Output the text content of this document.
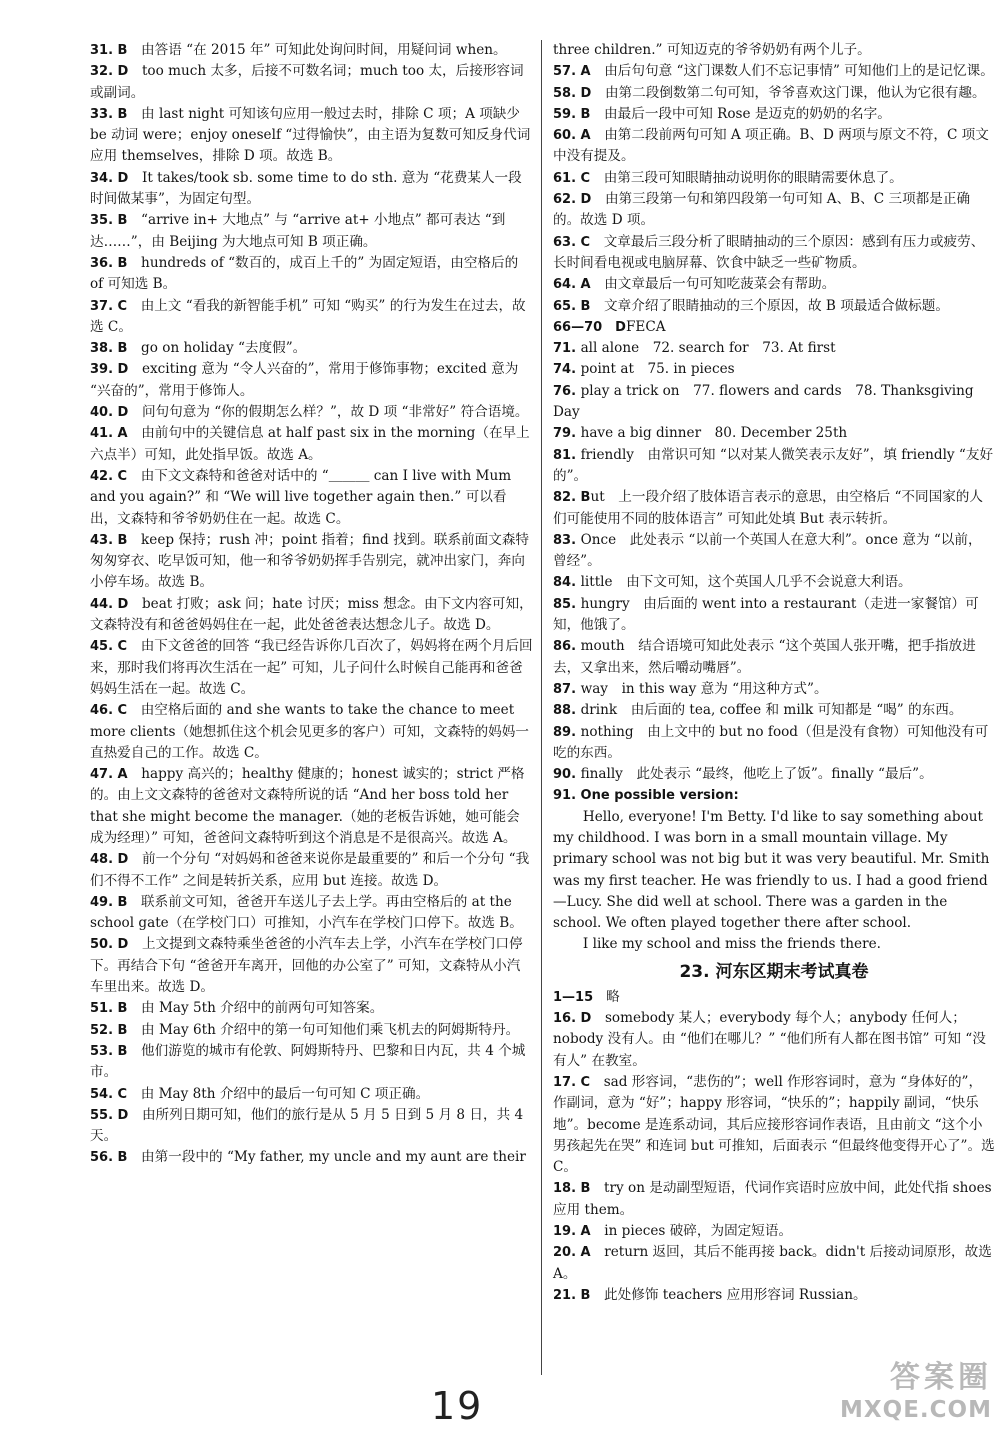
31. B　由答语 “在 2015 年” 可知此处询问时间，用疑问词 when。
32. D　too much 太多，后接不可数名词；much too 太，后接形容词或副词。
33. B　由 last night 可知该句应用一般过去时，排除 C 项；A 项缺少 be 动词 were；enjoy oneself “过得愉快”，由主语为复数可知反身代词应用 themselves，排除 D 项。故选 B。
34. D　It takes/took sb. some time to do sth. 意为 “花费某人一段时间做某事”，为固定句型。
35. B　“arrive in+ 大地点” 与 “arrive at+ 小地点” 都可表达 “到达……”，由 Beijing 为大地点可知 B 项正确。
36. B　hundreds of “数百的，成百上千的” 为固定短语，由空格后的 of 可知选 B。
37. C　由上文 “看我的新智能手机” 可知 “购买” 的行为发生在过去，故选 C。
38. B　go on holiday “去度假”。
39. D　exciting 意为 “令人兴奋的”，常用于修饰事物；excited 意为 “兴奋的”，常用于修饰人。
40. D　问句句意为 “你的假期怎么样？”，故 D 项 “非常好” 符合语境。
41. A　由前句中的关键信息 at half past six in the morning（在早上六点半）可知，此处指早饭。故选 A。
42. C　由下文文森特和爸爸对话中的 “＿＿＿ can I live with Mum and you again?” 和 “We will live together again then.” 可以看出，文森特和爷爷奶奶住在一起。故选 C。
43. B　keep 保持；rush 冲；point 指着；find 找到。联系前面文森特匆匆穿衣、吃早饭可知，他一和爷爷奶奶挥手告别完，就冲出家门，奔向小停车场。故选 B。
44. D　beat 打败；ask 问；hate 讨厌；miss 想念。由下文内容可知，文森特没有和爸爸妈妈住在一起，此处爸爸表达想念儿子。故选 D。
45. C　由下文爸爸的回答 “我已经告诉你几百次了，妈妈将在两个月后回来，那时我们将再次生活在一起” 可知，儿子问什么时候自己能再和爸爸妈妈生活在一起。故选 C。
46. C　由空格后面的 and she wants to take the chance to meet more clients（她想抓住这个机会见更多的客户）可知，文森特的妈妈一直热爱自己的工作。故选 C。
47. A　happy 高兴的；healthy 健康的；honest 诚实的；strict 严格的。由上文文森特的爸爸对文森特所说的话 “And her boss told her that she might become the manager.（她的老板告诉她，她可能会成为经理）” 可知，爸爸问文森特听到这个消息是不是很高兴。故选 A。
48. D　前一个分句 “对妈妈和爸爸来说你是最重要的” 和后一个分句 “我们不得不工作” 之间是转折关系，应用 but 连接。故选 D。
49. B　联系前文可知，爸爸开车送儿子去上学。再由空格后的 at the school gate（在学校门口）可推知，小汽车在学校门口停下。故选 B。
50. D　上文提到文森特乘坐爸爸的小汽车去上学，小汽车在学校门口停下。再结合下句 “爸爸开车离开，回他的办公室了” 可知，文森特从小汽车里出来。故选 D。
51. B　由 May 5th 介绍中的前两句可知答案。
52. B　由 May 6th 介绍中的第一句可知他们乘飞机去的阿姆斯特丹。
53. B　他们游览的城市有伦敦、阿姆斯特丹、巴黎和日内瓦，共 4 个城市。
54. C　由 May 8th 介绍中的最后一句可知 C 项正确。
55. D　由所列日期可知，他们的旅行是从 5 月 5 日到 5 月 8 日，共 4 天。
56. B　由第一段中的 “My father, my uncle and my aunt are their
three children.” 可知迈克的爷爷奶奶有两个儿子。
57. A　由后句句意 “这门课数人们不忘记事情” 可知他们上的是记忆课。
58. D　由第二段倒数第二句可知，爷爷喜欢这门课，他认为它很有趣。
59. B　由最后一段中可知 Rose 是迈克的奶奶的名字。
60. A　由第二段前两句可知 A 项正确。B、D 两项与原文不符，C 项文中没有提及。
61. C　由第三段可知眼睛抽动说明你的眼睛需要休息了。
62. D　由第三段第一句和第四段第一句可知 A、B、C 三项都是正确的。故选 D 项。
63. C　文章最后三段分析了眼睛抽动的三个原因：感到有压力或疲劳、长时间看电视或电脑屏幕、饮食中缺乏一些矿物质。
64. A　由文章最后一句可知吃菠菜会有帮助。
65. B　文章介绍了眼睛抽动的三个原因，故 B 项最适合做标题。
66—70　DFECA
71. all alone　72. search for　73. At first
74. point at　75. in pieces
76. play a trick on　77. flowers and cards　78. Thanksgiving Day
79. have a big dinner　80. December 25th
81. friendly　由常识可知 “以对某人微笑表示友好”，填 friendly “友好的”。
82. But　上一段介绍了肢体语言表示的意思，由空格后 “不同国家的人们可能使用不同的肢体语言” 可知此处填 But 表示转折。
83. Once　此处表示 “以前一个英国人在意大利”。once 意为 “以前，曾经”。
84. little　由下文可知，这个英国人几乎不会说意大利语。
85. hungry　由后面的 went into a restaurant（走进一家餐馆）可知，他饿了。
86. mouth　结合语境可知此处表示 “这个英国人张开嘴，把手指放进去，又拿出来，然后嚼动嘴唇”。
87. way　in this way 意为 “用这种方式”。
88. drink　由后面的 tea, coffee 和 milk 可知都是 “喝” 的东西。
89. nothing　由上文中的 but no food（但是没有食物）可知他没有可吃的东西。
90. finally　此处表示 “最终，他吃上了饭”。finally “最后”。

91. One possible version:

Hello, everyone! I'm Betty. I'd like to say something about my childhood. I was born in a small mountain village. My primary school was not big but it was very beautiful. Mr. Smith was my first teacher. He was friendly to us. I had a good friend—Lucy. She did well at school. There was a garden in the school. We often played together there after school.

I like my school and miss the friends there.

23. 河东区期末考试真卷
1—15　略
16. D　somebody 某人；everybody 每个人；anybody 任何人；nobody 没有人。由 “他们在哪儿？” “他们所有人都在图书馆” 可知 “没有人” 在教室。
17. C　sad 形容词，“悲伤的”；well 作形容词时，意为 “身体好的”，作副词，意为 “好”；happy 形容词，“快乐的”；happily 副词，“快乐地”。become 是连系动词，其后应接形容词作表语，且由前文 “这个小男孩起先在哭” 和连词 but 可推知，后面表示 “但最终他变得开心了”。选 C。
18. B　try on 是动副型短语，代词作宾语时应放中间，此处代指 shoes 应用 them。
19. A　in pieces 破碎，为固定短语。
20. A　return 返回，其后不能再接 back。didn't 后接动词原形，故选 A。
21. B　此处修饰 teachers 应用形容词 Russian。
19
答案圈
MXQE.COM
